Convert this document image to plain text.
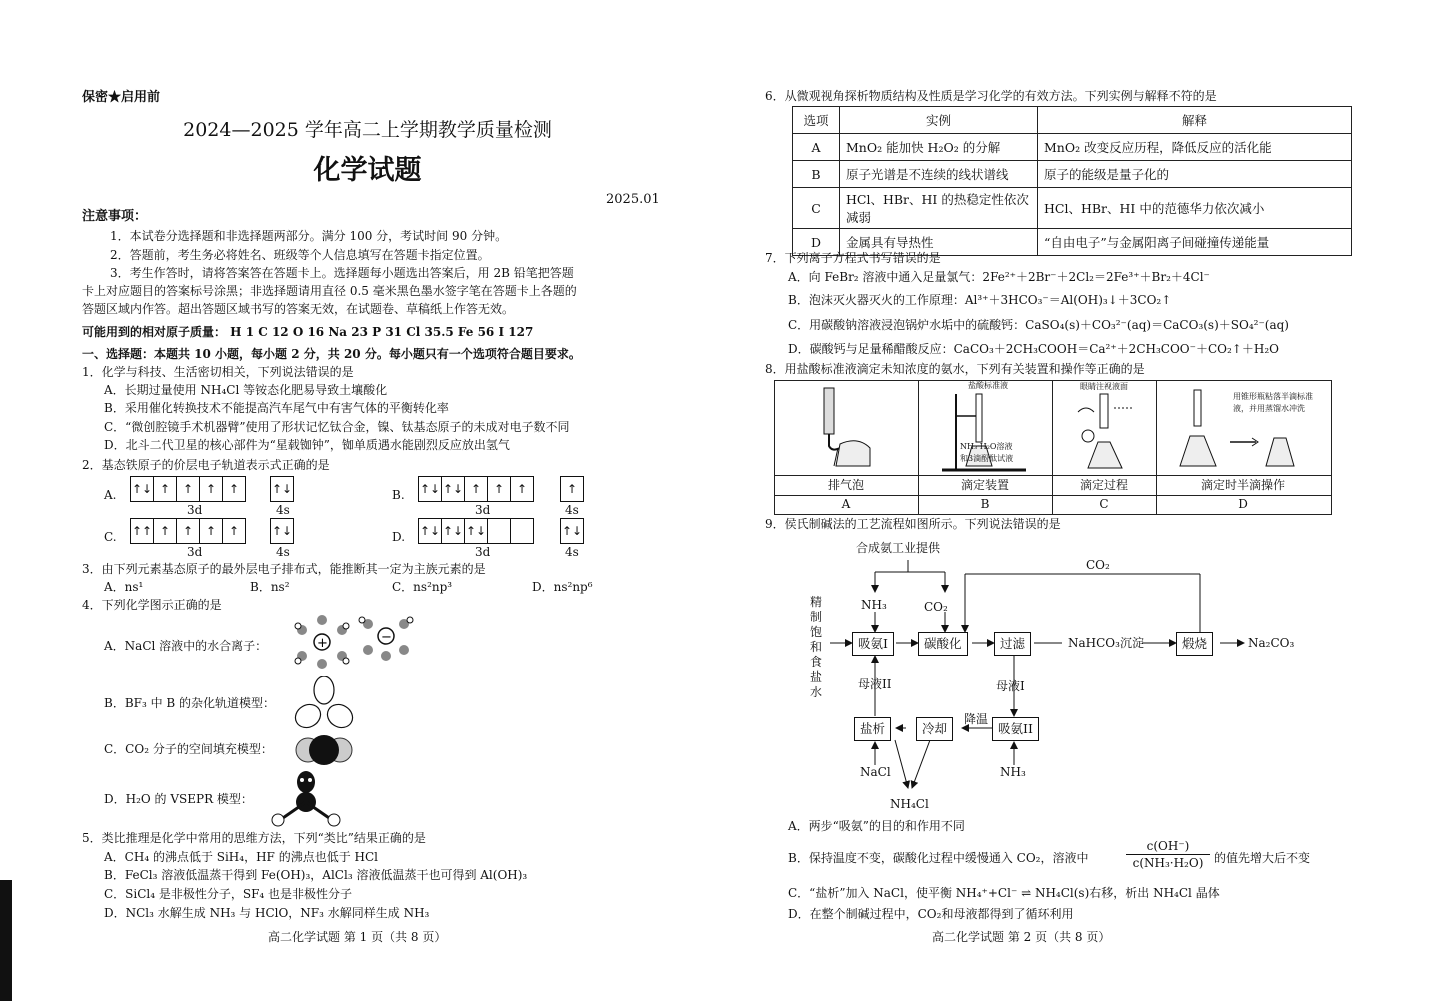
保密★启用前
2024—2025 学年高二上学期教学质量检测
化学试题
2025.01
注意事项：
1．本试卷分选择题和非选择题两部分。满分 100 分，考试时间 90 分钟。
2．答题前，考生务必将姓名、班级等个人信息填写在答题卡指定位置。
3．考生作答时，请将答案答在答题卡上。选择题每小题选出答案后，用 2B 铅笔把答题
卡上对应题目的答案标号涂黑；非选择题请用直径 0.5 毫米黑色墨水签字笔在答题卡上各题的
答题区域内作答。超出答题区域书写的答案无效，在试题卷、草稿纸上作答无效。
可能用到的相对原子质量： H 1 C 12 O 16 Na 23 P 31 Cl 35.5 Fe 56 I 127
一、选择题：本题共 10 小题，每小题 2 分，共 20 分。每小题只有一个选项符合题目要求。
1．化学与科技、生活密切相关，下列说法错误的是
A．长期过量使用 NH₄Cl 等铵态化肥易导致土壤酸化
B．采用催化转换技术不能提高汽车尾气中有害气体的平衡转化率
C．“微创腔镜手术机器臂”使用了形状记忆钛合金，镍、钛基态原子的未成对电子数不同
D．北斗二代卫星的核心部件为“星载铷钟”，铷单质遇水能剧烈反应放出氢气
2．基态铁原子的价层电子轨道表示式正确的是
A. ↑↓ ↑	↑	↑	↑	↑↓
3d	4s
B. ↑↓ ↑↓ ↑	↑	↑	↑
3d	4s
C. ↑↑ ↑	↑	↑	↑	↑↓
3d	4s
D. ↑↓ ↑↓ ↑↓	↑↓
3d	4s
3．由下列元素基态原子的最外层电子排布式，能推断其一定为主族元素的是
A．ns¹	B．ns²	C．ns²np³	D．ns²np⁶
4．下列化学图示正确的是
A．NaCl 溶液中的水合离子：	+	−
B．BF₃ 中 B 的杂化轨道模型：
C．CO₂ 分子的空间填充模型：
D．H₂O 的 VSEPR 模型：
5．类比推理是化学中常用的思维方法，下列“类比”结果正确的是
A．CH₄ 的沸点低于 SiH₄，HF 的沸点也低于 HCl
B．FeCl₃ 溶液低温蒸干得到 Fe(OH)₃，AlCl₃ 溶液低温蒸干也可得到 Al(OH)₃
C．SiCl₄ 是非极性分子，SF₄ 也是非极性分子
D．NCl₃ 水解生成 NH₃ 与 HClO，NF₃ 水解同样生成 NH₃
高二化学试题 第 1 页（共 8 页）
6．从微观视角探析物质结构及性质是学习化学的有效方法。下列实例与解释不符的是
选项	实例	解释
A	MnO₂ 能加快 H₂O₂ 的分解	MnO₂ 改变反应历程，降低反应的活化能
B	原子光谱是不连续的线状谱线	原子的能级是量子化的
C	HCl、HBr、HI 的热稳定性依次减弱	HCl、HBr、HI 中的范德华力依次减小
D	金属具有导热性	“自由电子”与金属阳离子间碰撞传递能量
7．下列离子方程式书写错误的是
A．向 FeBr₂ 溶液中通入足量氯气：2Fe²⁺＋2Br⁻＋2Cl₂＝2Fe³⁺＋Br₂＋4Cl⁻
B．泡沫灭火器灭火的工作原理：Al³⁺＋3HCO₃⁻＝Al(OH)₃↓＋3CO₂↑
C．用碳酸钠溶液浸泡锅炉水垢中的硫酸钙：CaSO₄(s)＋CO₃²⁻(aq)＝CaCO₃(s)＋SO₄²⁻(aq)
D．碳酸钙与足量稀醋酸反应：CaCO₃＋2CH₃COOH＝Ca²⁺＋2CH₃COO⁻＋CO₂↑＋H₂O
8．用盐酸标准液滴定未知浓度的氨水，下列有关装置和操作等正确的是
盐酸标准液
NH₃·H₂O溶液
和3滴酚酞试液
眼睛注视液面
用锥形瓶粘落半滴标准
液，并用蒸馏水冲洗
排气泡	滴定装置	滴定过程	滴定时半滴操作
A	B	C	D
9．侯氏制碱法的工艺流程如图所示。下列说法错误的是
合成氨工业提供
CO₂
NH₃	CO₂
精制饱和食盐水
吸氨I	碳酸化	过滤	NaHCO₃沉淀	煅烧	Na₂CO₃
母液II	母液I
降温
盐析	冷却	吸氨II
NaCl	NH₃
NH₄Cl
A．两步“吸氨”的目的和作用不同
B．保持温度不变，碳酸化过程中缓慢通入 CO₂，溶液中	$\frac{c(OH^-)}{\text{c(NH₃·H₂O)}}$ 的值先增大后不变
C．“盐析”加入 NaCl，使平衡 NH₄⁺+Cl⁻ ⇌ NH₄Cl(s)右移，析出 NH₄Cl 晶体
D．在整个制碱过程中，CO₂和母液都得到了循环利用
高二化学试题 第 2 页（共 8 页）
